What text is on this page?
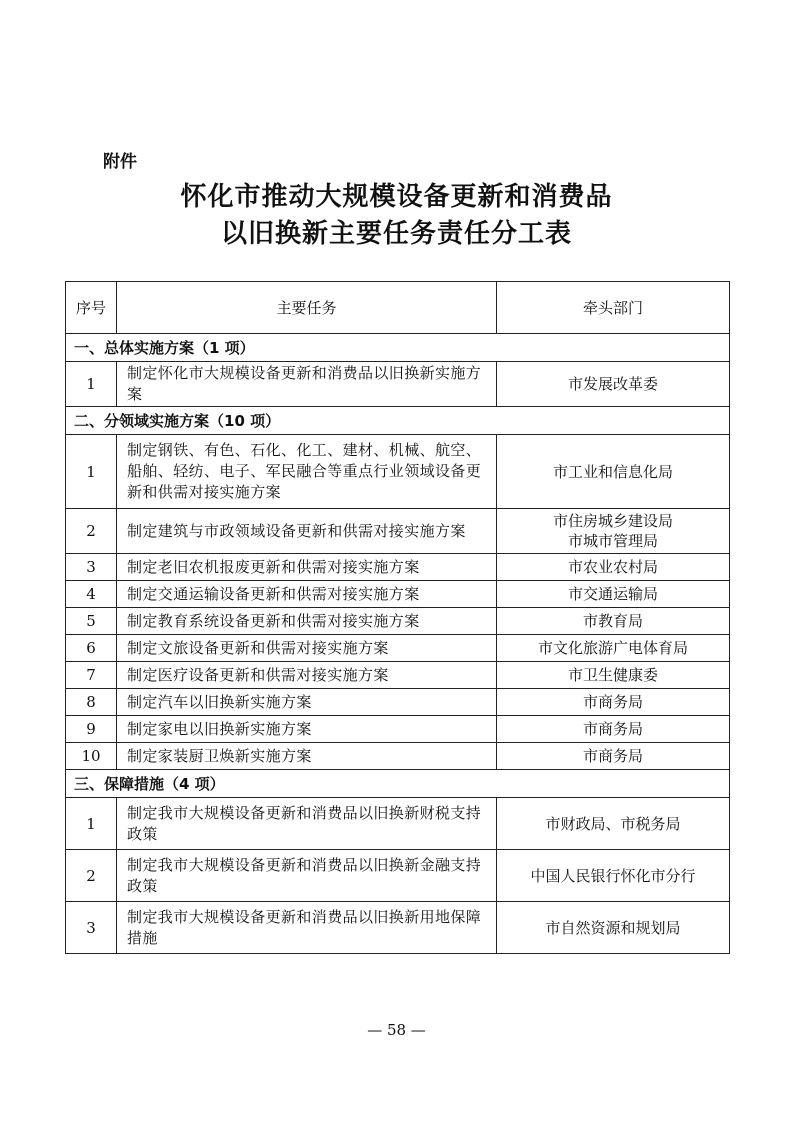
附件
怀化市推动大规模设备更新和消费品
以旧换新主要任务责任分工表
序号	主要任务	牵头部门
一、总体实施方案（1 项）		
1	制定怀化市大规模设备更新和消费品以旧换新实施方案	市发展改革委

二、分领域实施方案（10 项）		
1	制定钢铁、有色、石化、化工、建材、机械、航空、船舶、轻纺、电子、军民融合等重点行业领域设备更新和供需对接实施方案	市工业和信息化局

2	制定建筑与市政领域设备更新和供需对接实施方案	市住房城乡建设局
市城市管理局

3	制定老旧农机报废更新和供需对接实施方案	市农业农村局

4	制定交通运输设备更新和供需对接实施方案	市交通运输局

5	制定教育系统设备更新和供需对接实施方案	市教育局

6	制定文旅设备更新和供需对接实施方案	市文化旅游广电体育局

7	制定医疗设备更新和供需对接实施方案	市卫生健康委

8	制定汽车以旧换新实施方案	市商务局

9	制定家电以旧换新实施方案	市商务局

10	制定家装厨卫焕新实施方案	市商务局

三、保障措施（4 项）		
1	制定我市大规模设备更新和消费品以旧换新财税支持政策	市财政局、市税务局

2	制定我市大规模设备更新和消费品以旧换新金融支持政策	中国人民银行怀化市分行

3	制定我市大规模设备更新和消费品以旧换新用地保障措施	市自然资源和规划局
— 58 —
